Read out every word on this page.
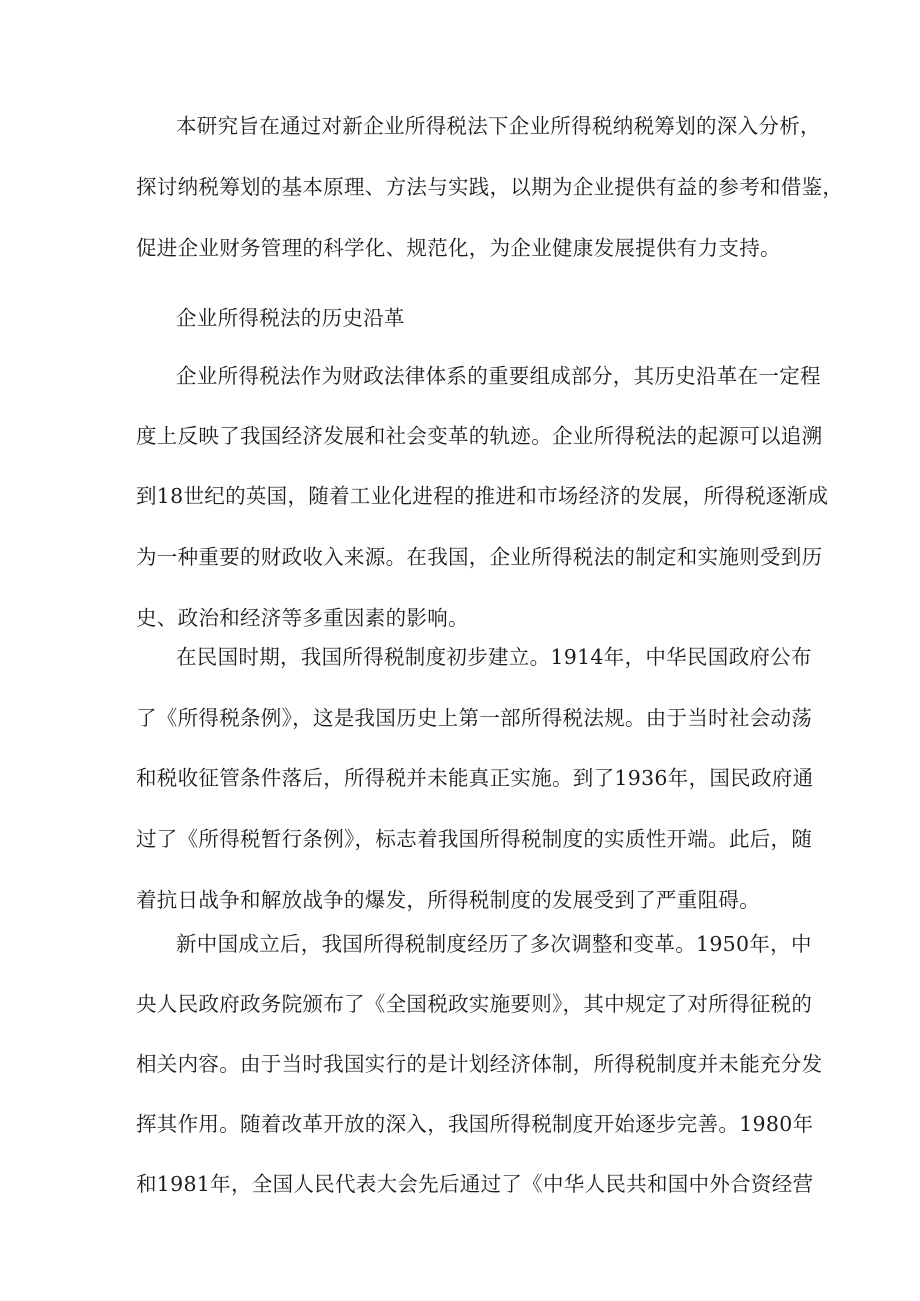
本研究旨在通过对新企业所得税法下企业所得税纳税筹划的深入分析，
探讨纳税筹划的基本原理、方法与实践，以期为企业提供有益的参考和借鉴，
促进企业财务管理的科学化、规范化，为企业健康发展提供有力支持。
企业所得税法的历史沿革
企业所得税法作为财政法律体系的重要组成部分，其历史沿革在一定程
度上反映了我国经济发展和社会变革的轨迹。企业所得税法的起源可以追溯
到18世纪的英国，随着工业化进程的推进和市场经济的发展，所得税逐渐成
为一种重要的财政收入来源。在我国，企业所得税法的制定和实施则受到历
史、政治和经济等多重因素的影响。
在民国时期，我国所得税制度初步建立。1914年，中华民国政府公布
了《所得税条例》，这是我国历史上第一部所得税法规。由于当时社会动荡
和税收征管条件落后，所得税并未能真正实施。到了1936年，国民政府通
过了《所得税暂行条例》，标志着我国所得税制度的实质性开端。此后，随
着抗日战争和解放战争的爆发，所得税制度的发展受到了严重阻碍。
新中国成立后，我国所得税制度经历了多次调整和变革。1950年，中
央人民政府政务院颁布了《全国税政实施要则》，其中规定了对所得征税的
相关内容。由于当时我国实行的是计划经济体制，所得税制度并未能充分发
挥其作用。随着改革开放的深入，我国所得税制度开始逐步完善。1980年
和1981年，全国人民代表大会先后通过了《中华人民共和国中外合资经营
